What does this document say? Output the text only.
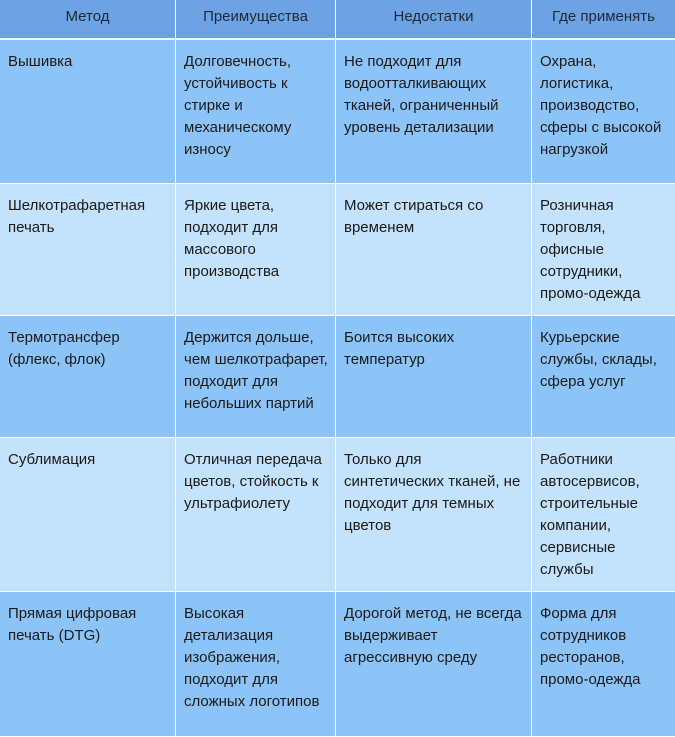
Метод	Преимущества	Недостатки	Где применять
Вышивка	Долговечность, устойчивость к стирке и механическому износу	Не подходит для водоотталкивающих тканей, ограниченный уровень детализации	Охрана, логистика, производство, сферы с высокой нагрузкой
Шелкотрафаретная печать	Яркие цвета, подходит для массового производства	Может стираться со временем	Розничная торговля, офисные сотрудники, промо-одежда
Термотрансфер (флекс, флок)	Держится дольше, чем шелкотрафарет, подходит для небольших партий	Боится высоких температур	Курьерские службы, склады, сфера услуг
Сублимация	Отличная передача цветов, стойкость к ультрафиолету	Только для синтетических тканей, не подходит для темных цветов	Работники автосервисов, строительные компании, сервисные службы
Прямая цифровая печать (DTG)	Высокая детализация изображения, подходит для сложных логотипов	Дорогой метод, не всегда выдерживает агрессивную среду	Форма для сотрудников ресторанов, промо-одежда
